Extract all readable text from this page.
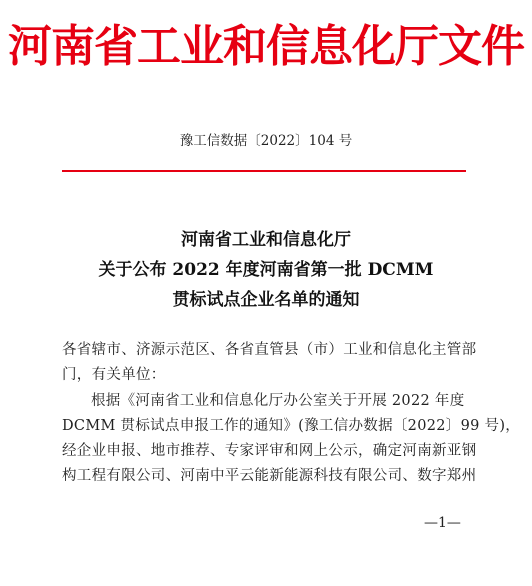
河南省工业和信息化厅文件
豫工信数据〔2022〕104 号
河南省工业和信息化厅
关于公布 2022 年度河南省第一批 DCMM
贯标试点企业名单的通知
各省辖市、济源示范区、各省直管县（市）工业和信息化主管部
门，有关单位：
根据《河南省工业和信息化厅办公室关于开展 2022 年度
DCMM 贯标试点申报工作的通知》(豫工信办数据〔2022〕99 号)，
经企业申报、地市推荐、专家评审和网上公示，确定河南新亚钢
构工程有限公司、河南中平云能新能源科技有限公司、数字郑州
—1—
